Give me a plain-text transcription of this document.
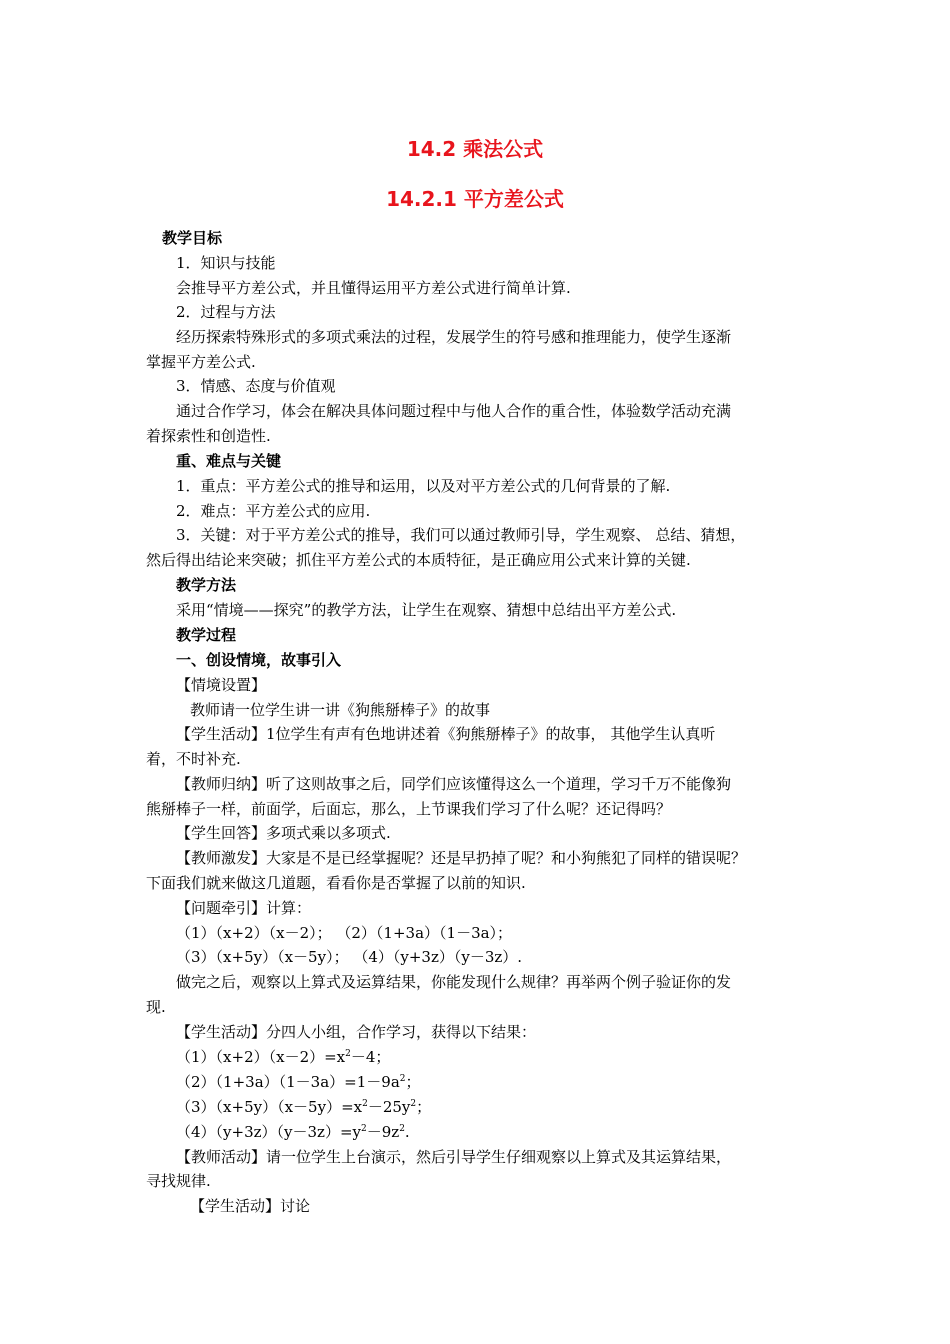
14.2 乘法公式
14.2.1 平方差公式
教学目标
1．知识与技能
会推导平方差公式，并且懂得运用平方差公式进行简单计算.
2．过程与方法
经历探索特殊形式的多项式乘法的过程，发展学生的符号感和推理能力，使学生逐渐
掌握平方差公式.
3．情感、态度与价值观
通过合作学习，体会在解决具体问题过程中与他人合作的重合性，体验数学活动充满
着探索性和创造性.
重、难点与关键
1．重点：平方差公式的推导和运用，以及对平方差公式的几何背景的了解.
2．难点：平方差公式的应用.
3．关键：对于平方差公式的推导，我们可以通过教师引导，学生观察、 总结、猜想，
然后得出结论来突破；抓住平方差公式的本质特征，是正确应用公式来计算的关键.
教学方法
采用“情境——探究”的教学方法，让学生在观察、猜想中总结出平方差公式.
教学过程
一、创设情境，故事引入
【情境设置】
教师请一位学生讲一讲《狗熊掰棒子》的故事
【学生活动】1位学生有声有色地讲述着《狗熊掰棒子》的故事， 其他学生认真听
着，不时补充.
【教师归纳】听了这则故事之后，同学们应该懂得这么一个道理，学习千万不能像狗
熊掰棒子一样，前面学，后面忘，那么，上节课我们学习了什么呢？还记得吗？
【学生回答】多项式乘以多项式.
【教师激发】大家是不是已经掌握呢？还是早扔掉了呢？和小狗熊犯了同样的错误呢？
下面我们就来做这几道题，看看你是否掌握了以前的知识.
【问题牵引】计算：
（1）（x+2）（x－2）； （2）（1+3a）（1－3a）；
（3）（x+5y）（x－5y）； （4）（y+3z）（y－3z）.
做完之后，观察以上算式及运算结果，你能发现什么规律？再举两个例子验证你的发
现.
【学生活动】分四人小组，合作学习，获得以下结果：
$(1)(x+2)(x-2)=x^2-4$；
$(2)(1+3a)(1-3a)=1-9a^2$；
$(3)(x+5y)(x-5y)=x^2-25y^2$；
$(4)(y+3z)(y-3z)=y^2-9z^2$.
【教师活动】请一位学生上台演示，然后引导学生仔细观察以上算式及其运算结果，
寻找规律.
【学生活动】讨论
